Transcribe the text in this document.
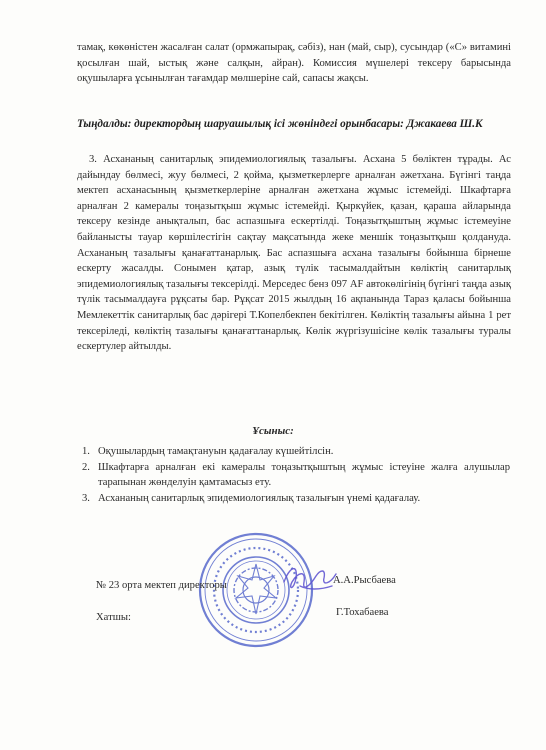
тамақ, көкөністен жасалған салат (ормжапырақ, сәбіз), нан (май, сыр), сусындар («С» витамині қосылған шай, ыстық және салқын, айран). Комиссия мүшелері тексеру барысында оқушыларға ұсынылған тағамдар мөлшеріне сай, сапасы жақсы.

Тыңдалды: директордың шаруашылық ісі жөніндегі орынбасары: Джакаева Ш.К

3. Асхананың санитарлық эпидемиологиялық тазалығы. Асхана 5 бөліктен тұрады. Ас дайындау бөлмесі, жуу бөлмесі, 2 қойма, қызметкерлерге арналған әжетхана. Бүгінгі таңда мектеп асханасының қызметкерлеріне арналған әжетхана жұмыс істемейді. Шкафтарға арналған 2 камералы тоңазытқыш жұмыс істемейді. Қыркүйек, қазан, қараша айларында тексеру кезінде анықталып, бас аспазшыға ескертілді. Тоңазытқыштың жұмыс істемеуіне байланысты тауар көршілестігін сақтау мақсатында жеке меншік тоңазытқыш қолдануда. Асхананың тазалығы қанағаттанарлық. Бас аспазшыға асхана тазалығы бойынша бірнеше ескерту жасалды. Сонымен қатар, азық түлік тасымалдайтын көліктің санитарлық эпидемиологиялық тазалығы тексерілді. Мерседес бенз 097 AF автокөлігінің бүгінгі таңда азық түлік тасымалдауға рұқсаты бар. Рұқсат 2015 жылдың 16 ақпанында Тараз қаласы бойынша Мемлекеттік санитарлық бас дәрігері Т.Копелбекпен бекітілген. Көліктің тазалығы айына 1 рет тексеріледі, көліктің тазалығы қанағаттанарлық. Көлік жүргізушісіне көлік тазалығы туралы ескертулер айтылды.

Ұсыныс:
1. Оқушылардың тамақтануын қадағалау күшейтілсін.
2. Шкафтарға арналған екі камералы тоңазытқыштың жұмыс істеуіне жалға алушылар тарапынан жөнделуін қамтамасыз ету.
3. Асхананың санитарлық эпидемиологиялық тазалығын үнемі қадағалау.
№ 23 орта мектеп директоры	А.А.Рысбаева
Хатшы:	Г.Тохабаева
